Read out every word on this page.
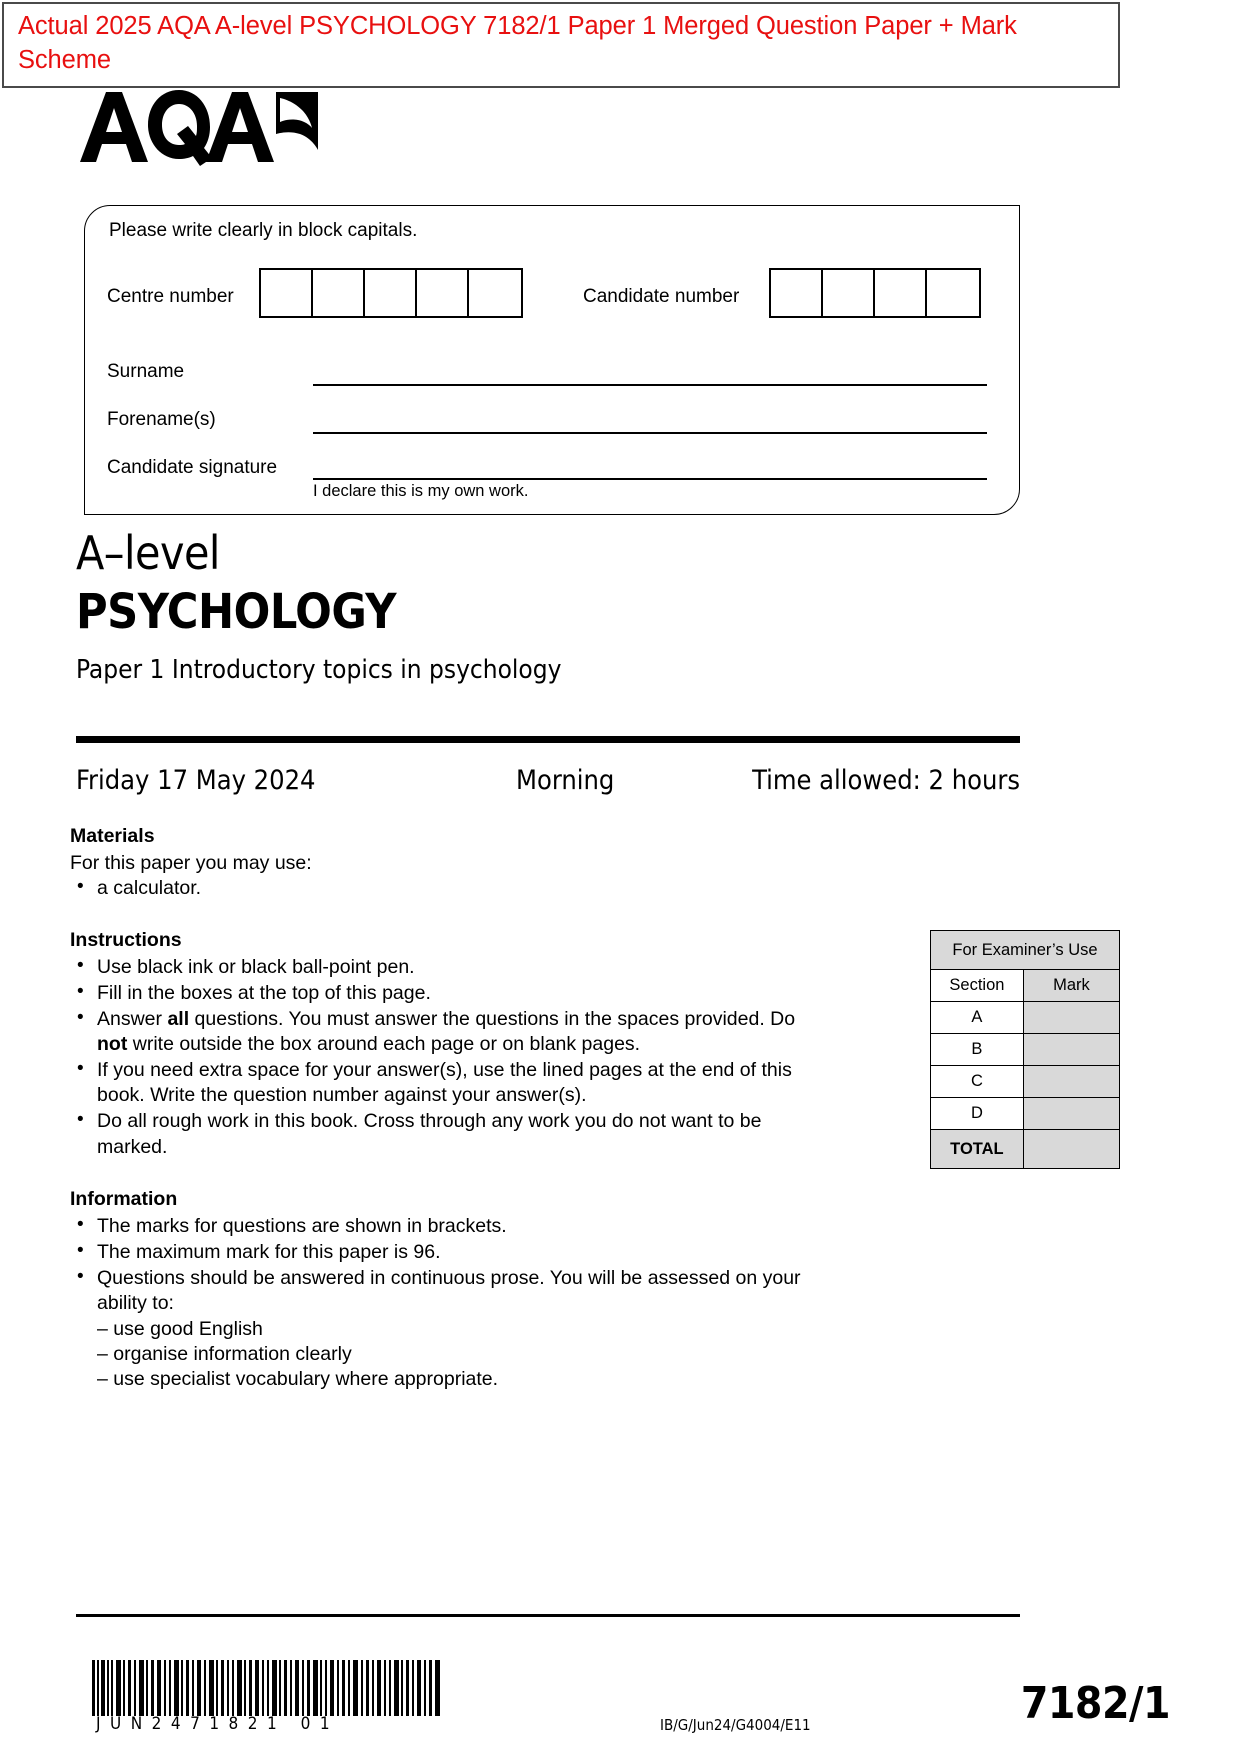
Actual 2025 AQA A-level PSYCHOLOGY 7182/1 Paper 1 Merged Question Paper + Mark Scheme
Please write clearly in block capitals.
Centre number	Candidate number
Surname
Forename(s)
Candidate signature
I declare this is my own work.
A–level
PSYCHOLOGY
Paper 1 Introductory topics in psychology
Friday 17 May 2024	Morning	Time allowed: 2 hours
Materials
For this paper you may use:
• a calculator.
Instructions
• Use black ink or black ball-point pen.
• Fill in the boxes at the top of this page.
• Answer all questions. You must answer the questions in the spaces provided. Do not write outside the box around each page or on blank pages.
• If you need extra space for your answer(s), use the lined pages at the end of this book. Write the question number against your answer(s).
• Do all rough work in this book. Cross through any work you do not want to be marked.
Information
• The marks for questions are shown in brackets.
• The maximum mark for this paper is 96.
• Questions should be answered in continuous prose. You will be assessed on your ability to:
– use good English
– organise information clearly
– use specialist vocabulary where appropriate.
For Examiner’s Use	
Section	Mark
A	
B	
C	
D	
TOTAL	
JUN2471821 01	IB/G/Jun24/G4004/E11	7182/1
